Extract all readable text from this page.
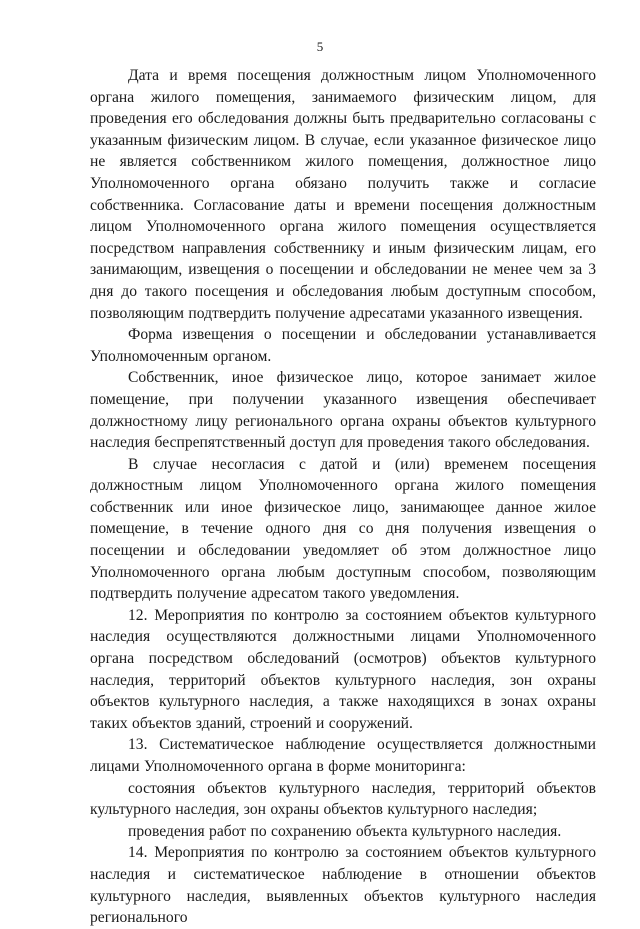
5

Дата и время посещения должностным лицом Уполномоченного органа жилого помещения, занимаемого физическим лицом, для проведения его обследования должны быть предварительно согласованы с указанным физическим лицом. В случае, если указанное физическое лицо не является собственником жилого помещения, должностное лицо Уполномоченного органа обязано получить также и согласие собственника. Согласование даты и времени посещения должностным лицом Уполномоченного органа жилого помещения осуществляется посредством направления собственнику и иным физическим лицам, его занимающим, извещения о посещении и обследовании не менее чем за 3 дня до такого посещения и обследования любым доступным способом, позволяющим подтвердить получение адресатами указанного извещения.

Форма извещения о посещении и обследовании устанавливается Уполномоченным органом.

Собственник, иное физическое лицо, которое занимает жилое помещение, при получении указанного извещения обеспечивает должностному лицу регионального органа охраны объектов культурного наследия беспрепятственный доступ для проведения такого обследования.

В случае несогласия с датой и (или) временем посещения должностным лицом Уполномоченного органа жилого помещения собственник или иное физическое лицо, занимающее данное жилое помещение, в течение одного дня со дня получения извещения о посещении и обследовании уведомляет об этом должностное лицо Уполномоченного органа любым доступным способом, позволяющим подтвердить получение адресатом такого уведомления.

12. Мероприятия по контролю за состоянием объектов культурного наследия осуществляются должностными лицами Уполномоченного органа посредством обследований (осмотров) объектов культурного наследия, территорий объектов культурного наследия, зон охраны объектов культурного наследия, а также находящихся в зонах охраны таких объектов зданий, строений и сооружений.

13. Систематическое наблюдение осуществляется должностными лицами Уполномоченного органа в форме мониторинга:

состояния объектов культурного наследия, территорий объектов культурного наследия, зон охраны объектов культурного наследия;

проведения работ по сохранению объекта культурного наследия.

14. Мероприятия по контролю за состоянием объектов культурного наследия и систематическое наблюдение в отношении объектов культурного наследия, выявленных объектов культурного наследия регионального
